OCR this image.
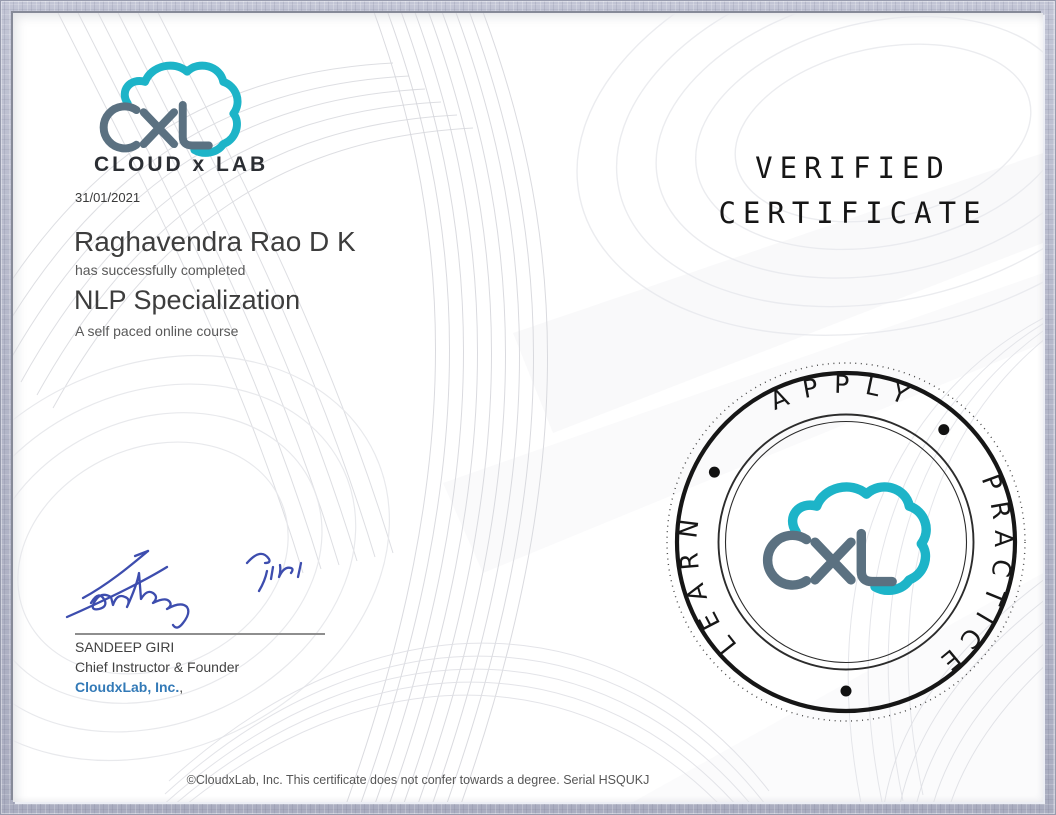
CLOUD x LAB
31/01/2021
Raghavendra Rao D K
has successfully completed
NLP Specialization
A self paced online course
VERIFIED
CERTIFICATE
APPLY
PRACTICE
LEARN
SANDEEP GIRI
Chief Instructor & Founder
CloudxLab, Inc.,
©CloudxLab, Inc. This certificate does not confer towards a degree. Serial HSQUKJ
